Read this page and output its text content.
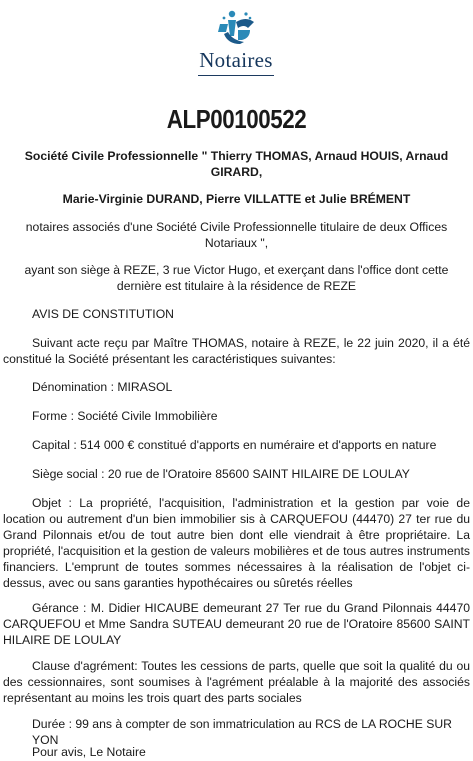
Notaires
ALP00100522
Société Civile Professionnelle " Thierry THOMAS, Arnaud HOUIS, Arnaud GIRARD,
Marie-Virginie DURAND, Pierre VILLATTE et Julie BRÉMENT
notaires associés d'une Société Civile Professionnelle titulaire de deux Offices Notariaux ",
ayant son siège à REZE, 3 rue Victor Hugo, et exerçant dans l'office dont cette dernière est titulaire à la résidence de REZE
AVIS DE CONSTITUTION
Suivant acte reçu par Maître THOMAS, notaire à REZE, le 22 juin 2020, il a été constitué la Société présentant les caractéristiques suivantes:
Dénomination : MIRASOL
Forme : Société Civile Immobilière
Capital : 514 000 € constitué d'apports en numéraire et d'apports en nature
Siège social : 20 rue de l'Oratoire 85600 SAINT HILAIRE DE LOULAY
Objet : La propriété, l'acquisition, l'administration et la gestion par voie de location ou autrement d'un bien immobilier sis à CARQUEFOU (44470) 27 ter rue du Grand Pilonnais et/ou de tout autre bien dont elle viendrait à être propriétaire. La propriété, l'acquisition et la gestion de valeurs mobilières et de tous autres instruments financiers. L'emprunt de toutes sommes nécessaires à la réalisation de l'objet ci-dessus, avec ou sans garanties hypothécaires ou sûretés réelles
Gérance : M. Didier HICAUBE demeurant 27 Ter rue du Grand Pilonnais 44470 CARQUEFOU et Mme Sandra SUTEAU demeurant 20 rue de l'Oratoire 85600 SAINT HILAIRE DE LOULAY
Clause d'agrément: Toutes les cessions de parts, quelle que soit la qualité du ou des cessionnaires, sont soumises à l'agrément préalable à la majorité des associés représentant au moins les trois quart des parts sociales
Durée : 99 ans à compter de son immatriculation au RCS de LA ROCHE SUR YON
Pour avis, Le Notaire
